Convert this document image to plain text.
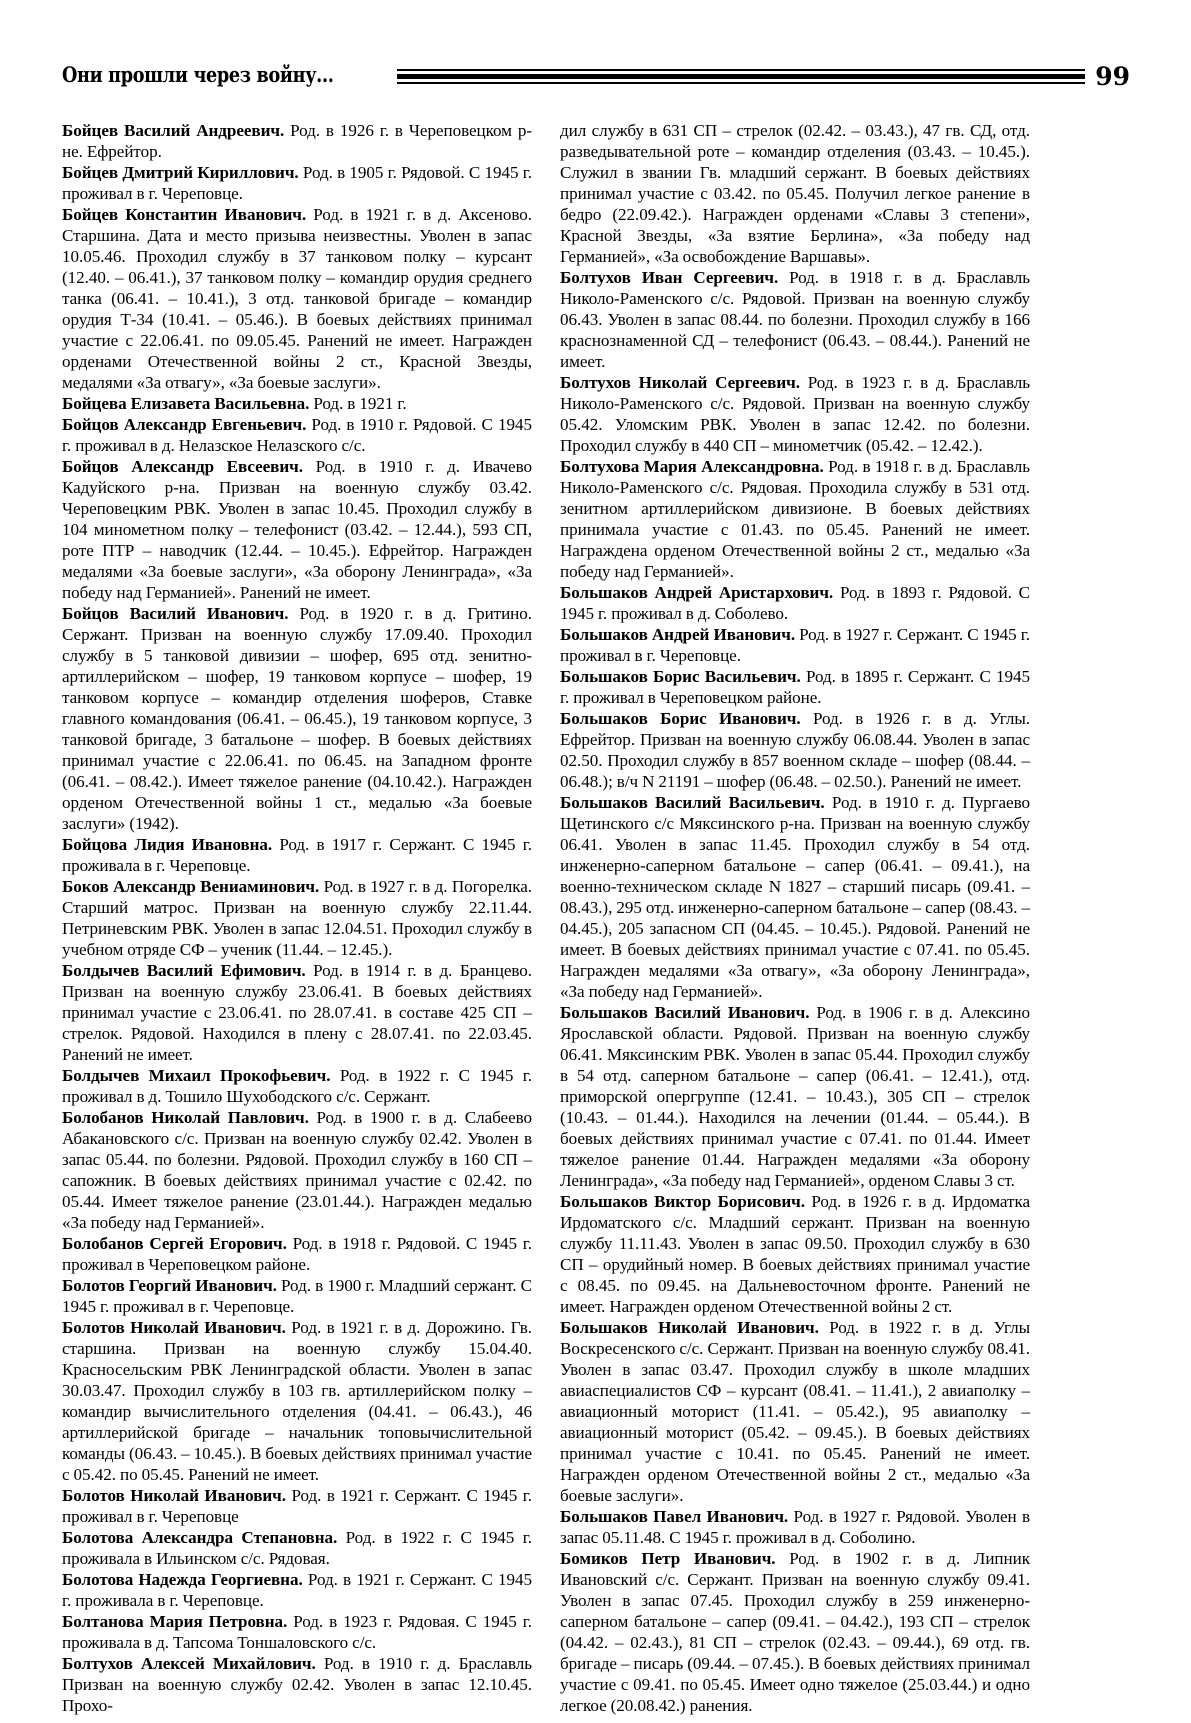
Они прошли через войну...	99

Бойцев Василий Андреевич. Род. в 1926 г. в Череповецком р-не. Ефрейтор.

Бойцев Дмитрий Кириллович. Род. в 1905 г. Рядовой. С 1945 г. проживал в г. Череповце.

Бойцев Константин Иванович. Род. в 1921 г. в д. Аксеново. Старшина. Дата и место призыва неизвестны. Уволен в запас 10.05.46. Проходил службу в 37 танковом полку – курсант (12.40. – 06.41.), 37 танковом полку – командир орудия среднего танка (06.41. – 10.41.), 3 отд. танковой бригаде – командир орудия Т-34 (10.41. – 05.46.). В боевых действиях принимал участие с 22.06.41. по 09.05.45. Ранений не имеет. Награжден орденами Отечественной войны 2 ст., Красной Звезды, медалями «За отвагу», «За боевые заслуги».

Бойцева Елизавета Васильевна. Род. в 1921 г.

Бойцов Александр Евгеньевич. Род. в 1910 г. Рядовой. С 1945 г. проживал в д. Нелазское Нелазского с/с.

Бойцов Александр Евсеевич. Род. в 1910 г. д. Ивачево Кадуйского р-на. Призван на военную службу 03.42. Череповецким РВК. Уволен в запас 10.45. Проходил службу в 104 минометном полку – телефонист (03.42. – 12.44.), 593 СП, роте ПТР – наводчик (12.44. – 10.45.). Ефрейтор. Награжден медалями «За боевые заслуги», «За оборону Ленинграда», «За победу над Германией». Ранений не имеет.

Бойцов Василий Иванович. Род. в 1920 г. в д. Гритино. Сержант. Призван на военную службу 17.09.40. Проходил службу в 5 танковой дивизии – шофер, 695 отд. зенитно-артиллерийском – шофер, 19 танковом корпусе – шофер, 19 танковом корпусе – командир отделения шоферов, Ставке главного командования (06.41. – 06.45.), 19 танковом корпусе, 3 танковой бригаде, 3 батальоне – шофер. В боевых действиях принимал участие с 22.06.41. по 06.45. на Западном фронте (06.41. – 08.42.). Имеет тяжелое ранение (04.10.42.). Награжден орденом Отечественной войны 1 ст., медалью «За боевые заслуги» (1942).

Бойцова Лидия Ивановна. Род. в 1917 г. Сержант. С 1945 г. проживала в г. Череповце.

Боков Александр Вениаминович. Род. в 1927 г. в д. Погорелка. Старший матрос. Призван на военную службу 22.11.44. Петриневским РВК. Уволен в запас 12.04.51. Проходил службу в учебном отряде СФ – ученик (11.44. – 12.45.).

Болдычев Василий Ефимович. Род. в 1914 г. в д. Бранцево. Призван на военную службу 23.06.41. В боевых действиях принимал участие с 23.06.41. по 28.07.41. в составе 425 СП – стрелок. Рядовой. Находился в плену с 28.07.41. по 22.03.45. Ранений не имеет.

Болдычев Михаил Прокофьевич. Род. в 1922 г. С 1945 г. проживал в д. Тошило Шухободского с/с. Сержант.

Болобанов Николай Павлович. Род. в 1900 г. в д. Слабеево Абакановского с/с. Призван на военную службу 02.42. Уволен в запас 05.44. по болезни. Рядовой. Проходил службу в 160 СП – сапожник. В боевых действиях принимал участие с 02.42. по 05.44. Имеет тяжелое ранение (23.01.44.). Награжден медалью «За победу над Германией».

Болобанов Сергей Егорович. Род. в 1918 г. Рядовой. С 1945 г. проживал в Череповецком районе.

Болотов Георгий Иванович. Род. в 1900 г. Младший сержант. С 1945 г. проживал в г. Череповце.

Болотов Николай Иванович. Род. в 1921 г. в д. Дорожино. Гв. старшина. Призван на военную службу 15.04.40. Красносельским РВК Ленинградской области. Уволен в запас 30.03.47. Проходил службу в 103 гв. артиллерийском полку – командир вычислительного отделения (04.41. – 06.43.), 46 артиллерийской бригаде – начальник топовычислительной команды (06.43. – 10.45.). В боевых действиях принимал участие с 05.42. по 05.45. Ранений не имеет.

Болотов Николай Иванович. Род. в 1921 г. Сержант. С 1945 г. проживал в г. Череповце

Болотова Александра Степановна. Род. в 1922 г. С 1945 г. проживала в Ильинском с/с. Рядовая.

Болотова Надежда Георгиевна. Род. в 1921 г. Сержант. С 1945 г. проживала в г. Череповце.

Болтанова Мария Петровна. Род. в 1923 г. Рядовая. С 1945 г. проживала в д. Тапсома Тоншаловского с/с.

Болтухов Алексей Михайлович. Род. в 1910 г. д. Браславль Призван на военную службу 02.42. Уволен в запас 12.10.45. Прохо-

дил службу в 631 СП – стрелок (02.42. – 03.43.), 47 гв. СД, отд. разведывательной роте – командир отделения (03.43. – 10.45.). Служил в звании Гв. младший сержант. В боевых действиях принимал участие с 03.42. по 05.45. Получил легкое ранение в бедро (22.09.42.). Награжден орденами «Славы 3 степени», Красной Звезды, «За взятие Берлина», «За победу над Германией», «За освобождение Варшавы».

Болтухов Иван Сергеевич. Род. в 1918 г. в д. Браславль Николо-Раменского с/с. Рядовой. Призван на военную службу 06.43. Уволен в запас 08.44. по болезни. Проходил службу в 166 краснознаменной СД – телефонист (06.43. – 08.44.). Ранений не имеет.

Болтухов Николай Сергеевич. Род. в 1923 г. в д. Браславль Николо-Раменского с/с. Рядовой. Призван на военную службу 05.42. Уломским РВК. Уволен в запас 12.42. по болезни. Проходил службу в 440 СП – минометчик (05.42. – 12.42.).

Болтухова Мария Александровна. Род. в 1918 г. в д. Браславль Николо-Раменского с/с. Рядовая. Проходила службу в 531 отд. зенитном артиллерийском дивизионе. В боевых действиях принимала участие с 01.43. по 05.45. Ранений не имеет. Награждена орденом Отечественной войны 2 ст., медалью «За победу над Германией».

Большаков Андрей Аристархович. Род. в 1893 г. Рядовой. С 1945 г. проживал в д. Соболево.

Большаков Андрей Иванович. Род. в 1927 г. Сержант. С 1945 г. проживал в г. Череповце.

Большаков Борис Васильевич. Род. в 1895 г. Сержант. С 1945 г. проживал в Череповецком районе.

Большаков Борис Иванович. Род. в 1926 г. в д. Углы. Ефрейтор. Призван на военную службу 06.08.44. Уволен в запас 02.50. Проходил службу в 857 военном складе – шофер (08.44. – 06.48.); в/ч N 21191 – шофер (06.48. – 02.50.). Ранений не имеет.

Большаков Василий Васильевич. Род. в 1910 г. д. Пургаево Щетинского с/с Мяксинского р-на. Призван на военную службу 06.41. Уволен в запас 11.45. Проходил службу в 54 отд. инженерно-саперном батальоне – сапер (06.41. – 09.41.), на военно-техническом складе N 1827 – старший писарь (09.41. – 08.43.), 295 отд. инженерно-саперном батальоне – сапер (08.43. – 04.45.), 205 запасном СП (04.45. – 10.45.). Рядовой. Ранений не имеет. В боевых действиях принимал участие с 07.41. по 05.45. Награжден медалями «За отвагу», «За оборону Ленинграда», «За победу над Германией».

Большаков Василий Иванович. Род. в 1906 г. в д. Алексино Ярославской области. Рядовой. Призван на военную службу 06.41. Мяксинским РВК. Уволен в запас 05.44. Проходил службу в 54 отд. саперном батальоне – сапер (06.41. – 12.41.), отд. приморской опергруппе (12.41. – 10.43.), 305 СП – стрелок (10.43. – 01.44.). Находился на лечении (01.44. – 05.44.). В боевых действиях принимал участие с 07.41. по 01.44. Имеет тяжелое ранение 01.44. Награжден медалями «За оборону Ленинграда», «За победу над Германией», орденом Славы 3 ст.

Большаков Виктор Борисович. Род. в 1926 г. в д. Ирдоматка Ирдоматского с/с. Младший сержант. Призван на военную службу 11.11.43. Уволен в запас 09.50. Проходил службу в 630 СП – орудийный номер. В боевых действиях принимал участие с 08.45. по 09.45. на Дальневосточном фронте. Ранений не имеет. Награжден орденом Отечественной войны 2 ст.

Большаков Николай Иванович. Род. в 1922 г. в д. Углы Воскресенского с/с. Сержант. Призван на военную службу 08.41. Уволен в запас 03.47. Проходил службу в школе младших авиаспециалистов СФ – курсант (08.41. – 11.41.), 2 авиаполку – авиационный моторист (11.41. – 05.42.), 95 авиаполку – авиационный моторист (05.42. – 09.45.). В боевых действиях принимал участие с 10.41. по 05.45. Ранений не имеет. Награжден орденом Отечественной войны 2 ст., медалью «За боевые заслуги».

Большаков Павел Иванович. Род. в 1927 г. Рядовой. Уволен в запас 05.11.48. С 1945 г. проживал в д. Соболино.

Бомиков Петр Иванович. Род. в 1902 г. в д. Липник Ивановский с/с. Сержант. Призван на военную службу 09.41. Уволен в запас 07.45. Проходил службу в 259 инженерно-саперном батальоне – сапер (09.41. – 04.42.), 193 СП – стрелок (04.42. – 02.43.), 81 СП – стрелок (02.43. – 09.44.), 69 отд. гв. бригаде – писарь (09.44. – 07.45.). В боевых действиях принимал участие с 09.41. по 05.45. Имеет одно тяжелое (25.03.44.) и одно легкое (20.08.42.) ранения.
